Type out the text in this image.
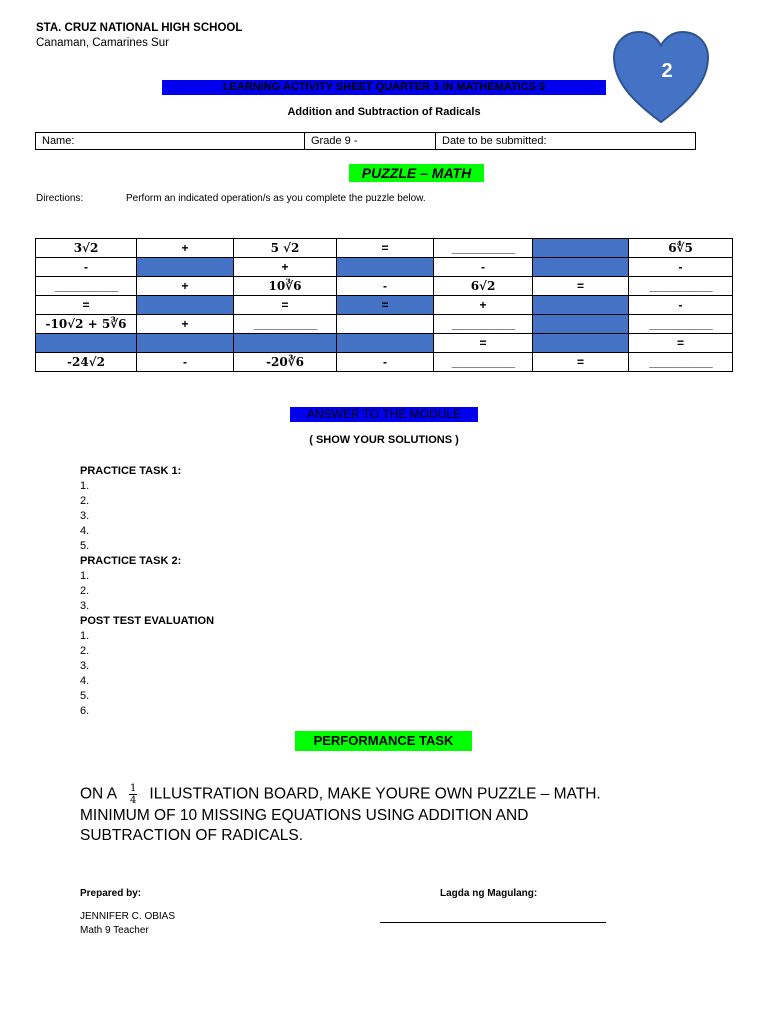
STA. CRUZ NATIONAL HIGH SCHOOL
Canaman, Camarines Sur
2
LEARNING ACTIVITY SHEET QUARTER 3 IN MATHEMATICS 9
Addition and Subtraction of Radicals
Name:	Grade 9 -	Date to be submitted:
PUZZLE – MATH
Directions:	Perform an indicated operation/s as you complete the puzzle below.
3√2	+	5 √2	=	___________		6∜5
-		+		-		-
___________	+	10∛6	-	6√2	=	___________
=		=	=	+		-
-10√2 + 5∛6	+	___________		___________		___________
				=		=
-24√2	-	-20∛6	-	___________	=	___________
ANSWER TO THE MODULE
( SHOW YOUR SOLUTIONS )
PRACTICE TASK 1:
1.
2.
3.
4.
5.
PRACTICE TASK 2:
1.
2.
3.
POST TEST EVALUATION
1.
2.
3.
4.
5.
6.
PERFORMANCE TASK
ON A $\frac{1}{4}$ ILLUSTRATION BOARD, MAKE YOURE OWN PUZZLE – MATH.
MINIMUM OF 10 MISSING EQUATIONS USING ADDITION AND
SUBTRACTION OF RADICALS.
Prepared by:	Lagda ng Magulang:
JENNIFER C. OBIAS
Math 9 Teacher
